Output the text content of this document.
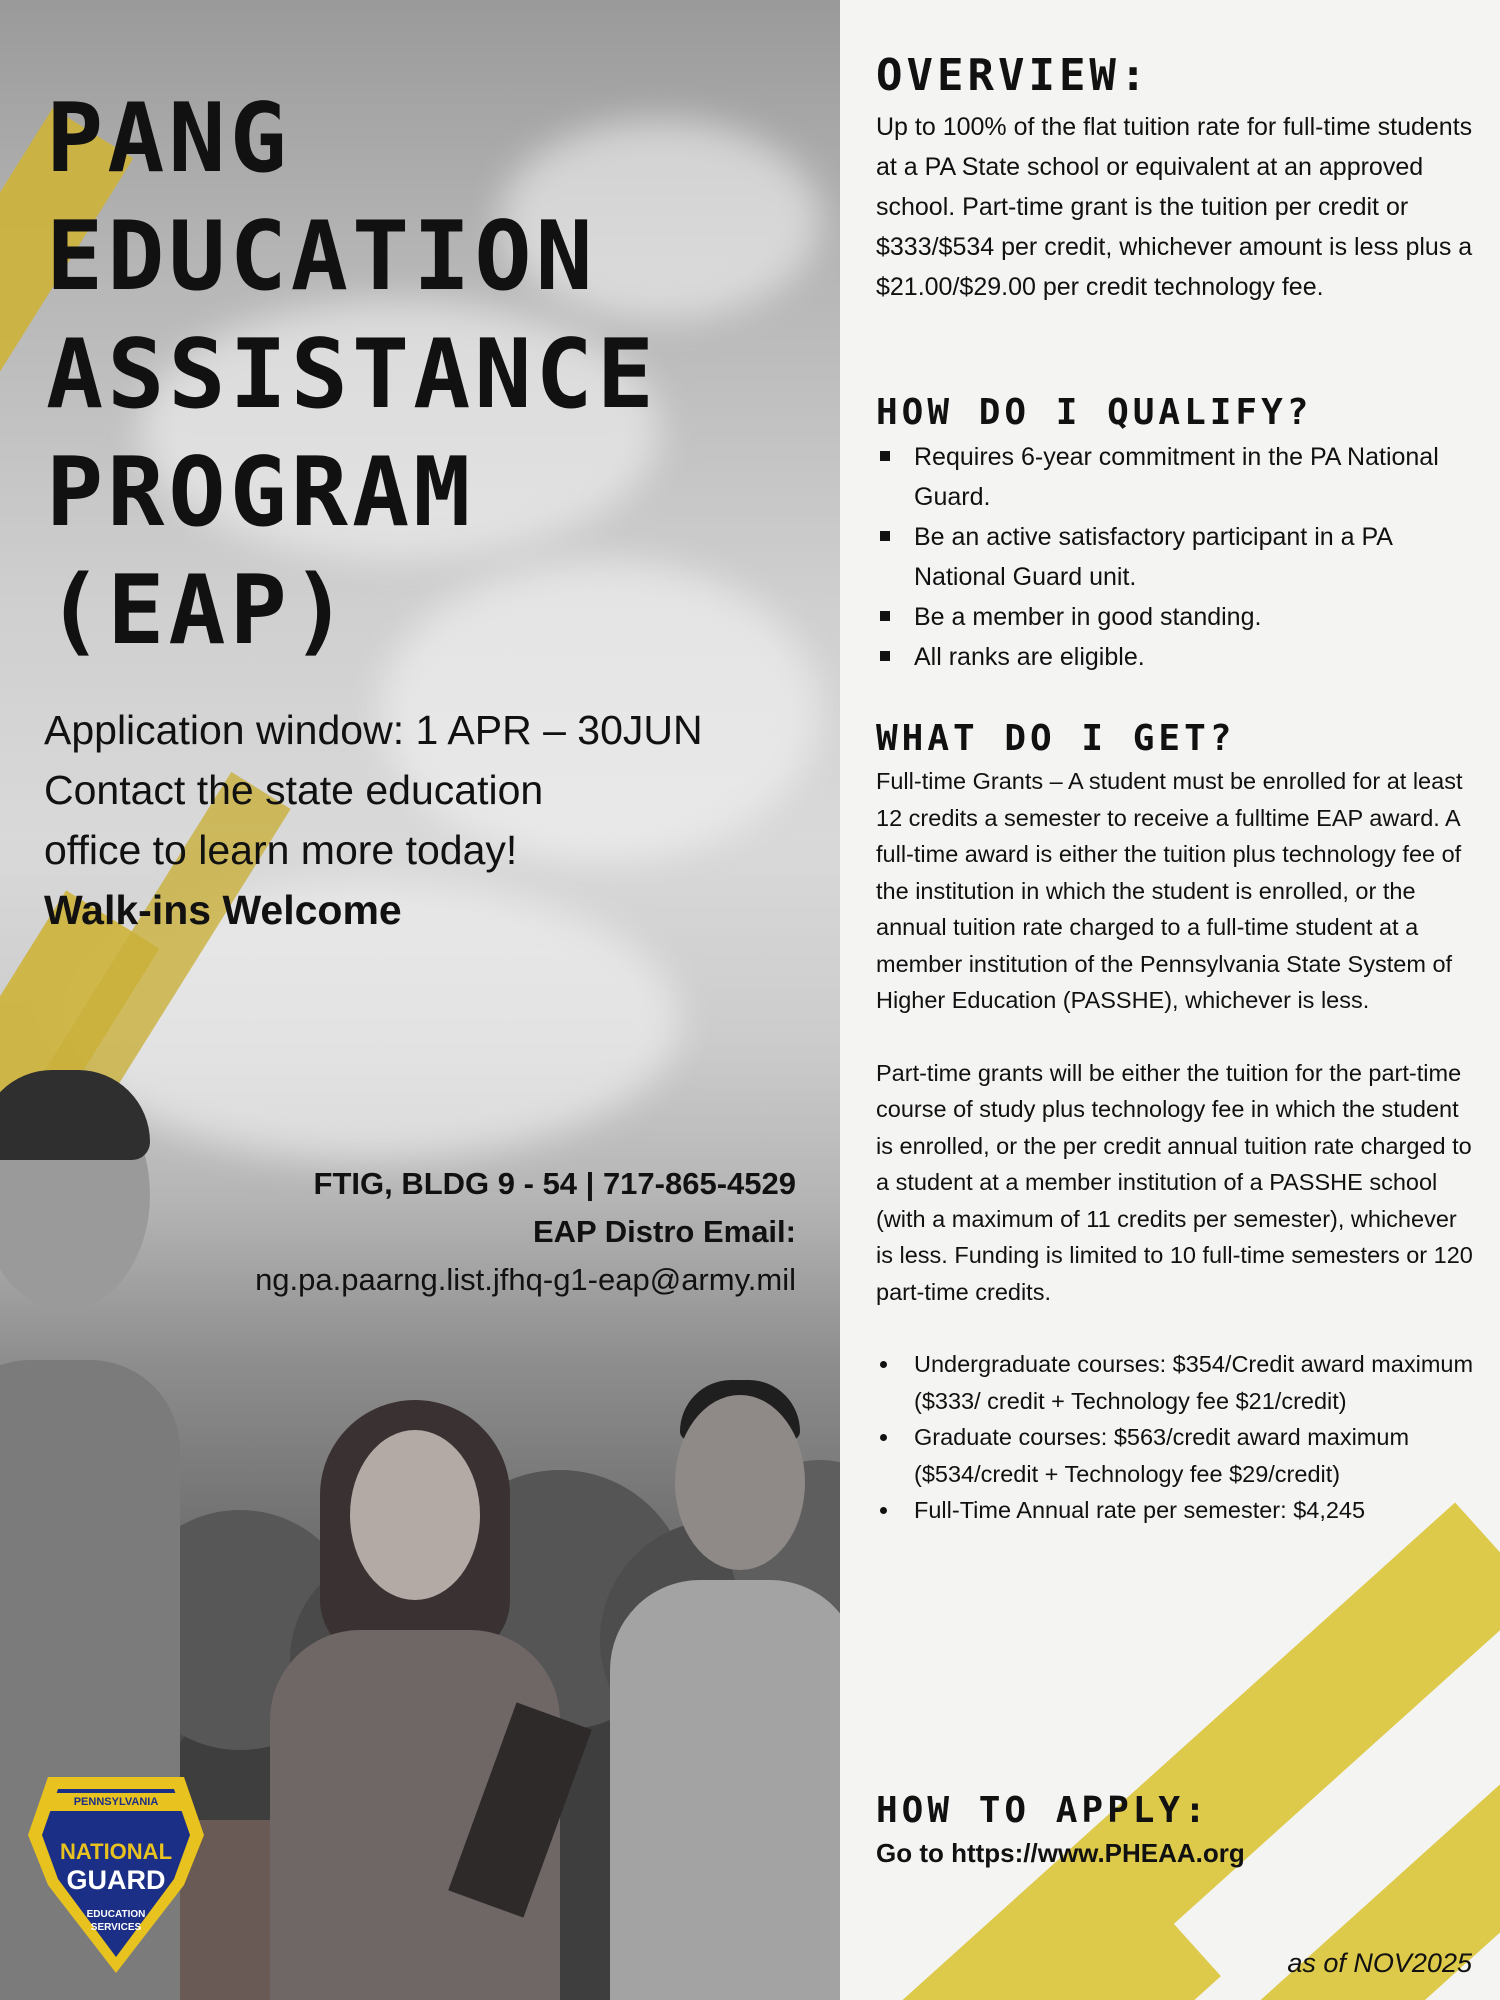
PANG
EDUCATION
ASSISTANCE
PROGRAM
(EAP)
Application window: 1 APR – 30JUN
Contact the state education
office to learn more today!
Walk-ins Welcome
FTIG, BLDG 9 - 54 | 717-865-4529
EAP Distro Email:
ng.pa.paarng.list.jfhq-g1-eap@army.mil
PENNSYLVANIA
NATIONAL
GUARD
EDUCATION
SERVICES
OVERVIEW:
Up to 100% of the flat tuition rate for full-time students at a PA State school or equivalent at an approved school. Part-time grant is the tuition per credit or $333/$534 per credit, whichever amount is less plus a $21.00/$29.00 per credit technology fee.
HOW DO I QUALIFY?
Requires 6-year commitment in the PA National Guard.
Be an active satisfactory participant in a PA National Guard unit.
Be a member in good standing.
All ranks are eligible.
WHAT DO I GET?
Full-time Grants – A student must be enrolled for at least 12 credits a semester to receive a fulltime EAP award. A full-time award is either the tuition plus technology fee of the institution in which the student is enrolled, or the annual tuition rate charged to a full-time student at a member institution of the Pennsylvania State System of Higher Education (PASSHE), whichever is less.
Part-time grants will be either the tuition for the part-time course of study plus technology fee in which the student is enrolled, or the per credit annual tuition rate charged to a student at a member institution of a PASSHE school (with a maximum of 11 credits per semester), whichever is less. Funding is limited to 10 full-time semesters or 120 part-time credits.
Undergraduate courses: $354/Credit award maximum ($333/ credit + Technology fee $21/credit)
Graduate courses: $563/credit award maximum ($534/credit + Technology fee $29/credit)
Full-Time Annual rate per semester: $4,245
HOW TO APPLY:
Go to https://www.PHEAA.org
as of NOV2025
